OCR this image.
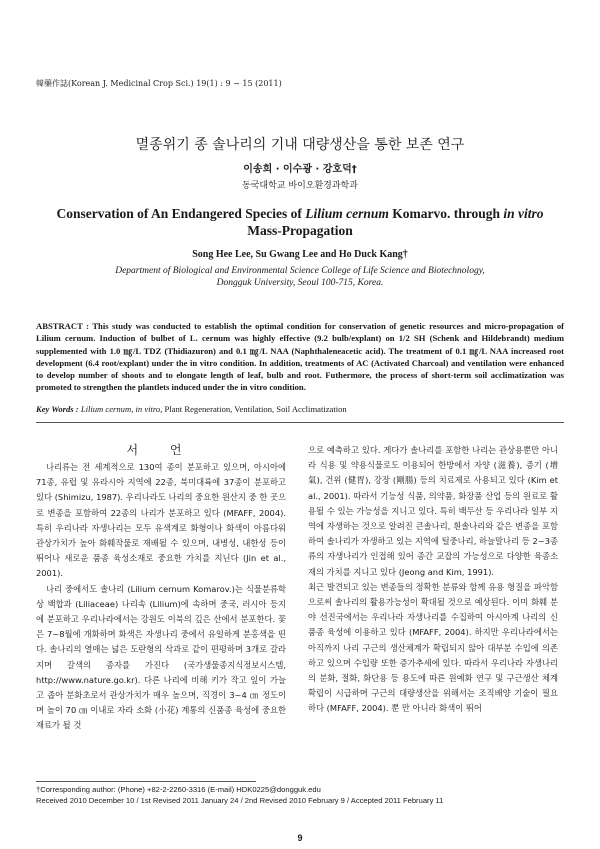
韓藥作誌(Korean J. Medicinal Crop Sci.) 19(1) : 9 ~ 15 (2011)
멸종위기 종 솔나리의 기내 대량생산을 통한 보존 연구
이송희 · 이수광 · 강호덕†
동국대학교 바이오환경과학과
Conservation of An Endangered Species of Lilium cernum Komarvo. through in vitro
Mass-Propagation
Song Hee Lee, Su Gwang Lee and Ho Duck Kang†
Department of Biological and Environmental Science College of Life Science and Biotechnology,
Dongguk University, Seoul 100-715, Korea.
ABSTRACT : This study was conducted to establish the optimal condition for conservation of genetic resources and micro-propagation of Lilium cernum. Induction of bulbet of L. cernum was highly effective (9.2 bulb/explant) on 1/2 SH (Schenk and Hildebrandt) medium supplemented with 1.0 ㎎/L TDZ (Thidiazuron) and 0.1 ㎎/L NAA (Naphthaleneacetic acid). The treatment of 0.1 ㎎/L NAA increased root development (6.4 root/explant) under the in vitro condition. In addition, treatments of AC (Activated Charcoal) and ventilation were enhanced to develop number of shoots and to elongate length of leaf, bulb and root. Futhermore, the process of short-term soil acclimatization was promoted to strengthen the plantlets induced under the in vitro condition.
Key Words : Lilium cernum, in vitro, Plant Regeneration, Ventilation, Soil Acclimatization
서 언

나리류는 전 세계적으로 130여 종이 분포하고 있으며, 아시아에 71종, 유럽 및 유라시아 지역에 22종, 북미대륙에 37종이 분포하고 있다 (Shimizu, 1987). 우리나라도 나리의 중요한 원산지 중 한 곳으로 변종을 포함하여 22종의 나리가 분포하고 있다 (MFAFF, 2004). 특히 우리나라 자생나리는 모두 유색계로 화형이나 화색이 아름다워 관상가치가 높아 화훼작물로 재배될 수 있으며, 내병성, 내한성 등이 뛰어나 새로운 품종 육성소재로 중요한 가치를 지닌다 (Jin et al., 2001).

나리 중에서도 솔나리 (Lilium cernum Komarov.)는 식물분류학상 백합과 (Liliaceae) 나리속 (Lilium)에 속하며 중국, 러시아 등지에 분포하고 우리나라에서는 강원도 이북의 깊은 산에서 분포한다. 꽃은 7~8월에 개화하며 화색은 자생나리 중에서 유일하게 분홍색을 띤다. 솔나리의 열매는 넓은 도란형의 삭과로 같이 편평하며 3개로 갈라지며 갈색의 종자를 가진다 (국가생물종지식정보시스템, http://www.nature.go.kr). 다른 나리에 비해 키가 작고 잎이 가늘고 좁아 분화초로서 관상가치가 매우 높으며, 직경이 3~4 ㎝ 정도이며 높이 70 ㎝ 이내로 자라 소화 (小花) 계통의 신품종 육성에 중요한 재료가 될 것

으로 예측하고 있다. 게다가 솔나리를 포함한 나리는 관상용뿐만 아니라 식용 및 약용식물로도 이용되어 한방에서 자양 (滋養), 증기 (增氣), 건위 (健胃), 강장 (剛腸) 등의 치료제로 사용되고 있다 (Kim et al., 2001). 따라서 기능성 식품, 의약품, 화장품 산업 등의 원료로 활용될 수 있는 가능성을 지니고 있다. 특히 백두산 등 우리나라 일부 지역에 자생하는 것으로 알려진 큰솔나리, 흰솔나리와 같은 변종을 포함하여 솔나리가 자생하고 있는 지역에 털중나리, 하늘말나리 등 2~3종류의 자생나리가 인접해 있어 종간 교잡의 가능성으로 다양한 육종소재의 가치를 지니고 있다 (Jeong and Kim, 1991).

최근 발견되고 있는 변종들의 정확한 분류와 함께 유용 형질을 파악함으로써 솔나리의 활용가능성이 확대될 것으로 예상된다. 이미 화훼 분야 선진국에서는 우리나라 자생나리를 수집하여 아시아계 나리의 신품종 육성에 이용하고 있다 (MFAFF, 2004). 하지만 우리나라에서는 아직까지 나리 구근의 생산체계가 확립되지 않아 대부분 수입에 의존하고 있으며 수입량 또한 증가추세에 있다. 따라서 우리나라 자생나리의 분화, 절화, 화단용 등 용도에 따른 원예화 연구 및 구근생산 체계 확립이 시급하며 구근의 대량생산을 위해서는 조직배양 기술이 필요하다 (MFAFF, 2004). 뿐 만 아니라 화색이 뛰어

†Corresponding author: (Phone) +82-2-2260-3316 (E-mail) HDK0225@dongguk.edu
Received 2010 December 10 / 1st Revised 2011 January 24 / 2nd Revised 2010 February 9 / Accepted 2011 February 11
9
